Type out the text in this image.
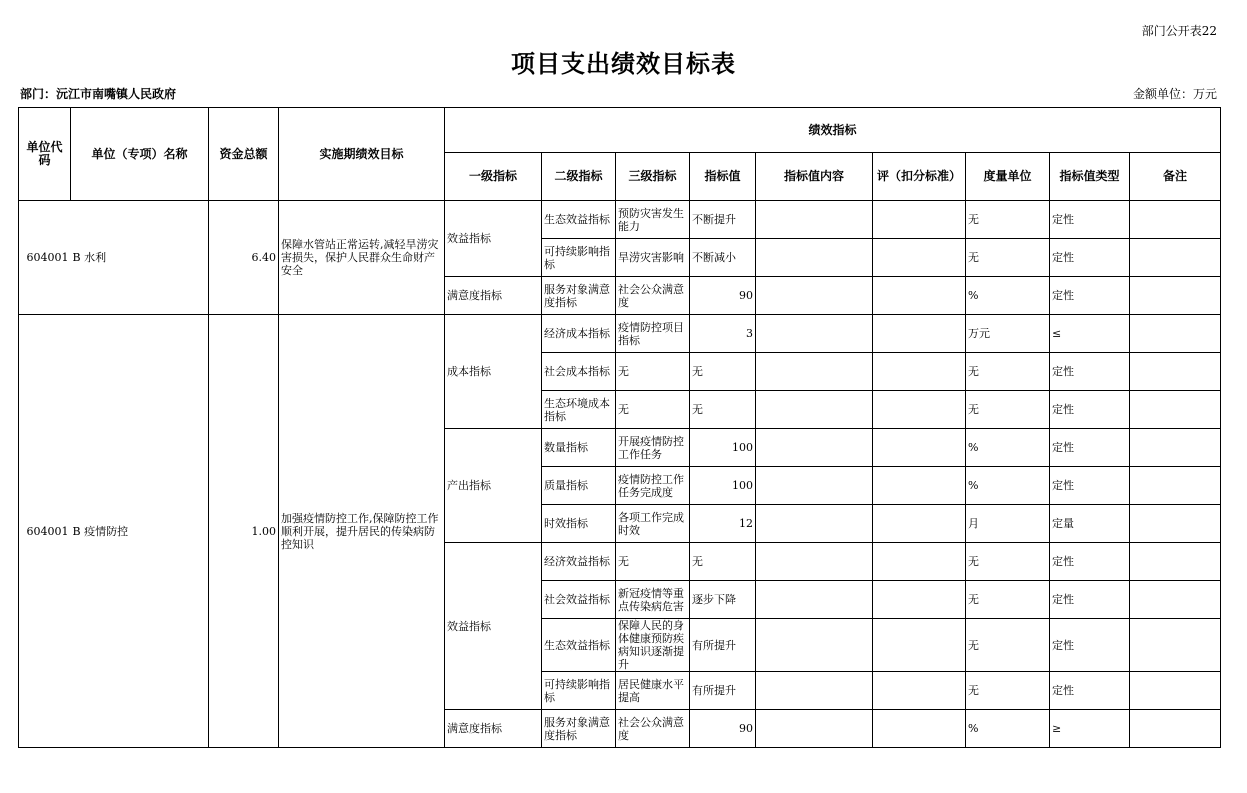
部门公开表22
项目支出绩效目标表
部门：沅江市南嘴镇人民政府	金额单位：万元
单位代码	单位（专项）名称	资金总额	实施期绩效目标	绩效指标								
				一级指标	二级指标	三级指标	指标值	指标值内容	评（扣分标准）	度量单位	指标值类型	备注
604001	B 水利	6.40	保障水管站正常运转,减轻旱涝灾害损失，保护人民群众生命财产安全	效益指标	生态效益指标	预防灾害发生能力	不断提升			无	定性	
					可持续影响指标	旱涝灾害影响	不断减小			无	定性	
				满意度指标	服务对象满意度指标	社会公众满意度	90			%	定性	
604001	B 疫情防控	1.00	加强疫情防控工作,保障防控工作顺利开展，提升居民的传染病防控知识	成本指标	经济成本指标	疫情防控项目指标	3			万元	≤	
					社会成本指标	无	无			无	定性	
					生态环境成本指标	无	无			无	定性	
				产出指标	数量指标	开展疫情防控工作任务	100			%	定性	
					质量指标	疫情防控工作任务完成度	100			%	定性	
					时效指标	各项工作完成时效	12			月	定量	
				效益指标	经济效益指标	无	无			无	定性	
					社会效益指标	新冠疫情等重点传染病危害	逐步下降			无	定性	
					生态效益指标	保障人民的身体健康预防疾病知识逐渐提升	有所提升			无	定性	
					可持续影响指标	居民健康水平提高	有所提升			无	定性	
				满意度指标	服务对象满意度指标	社会公众满意度	90			%	≥	
